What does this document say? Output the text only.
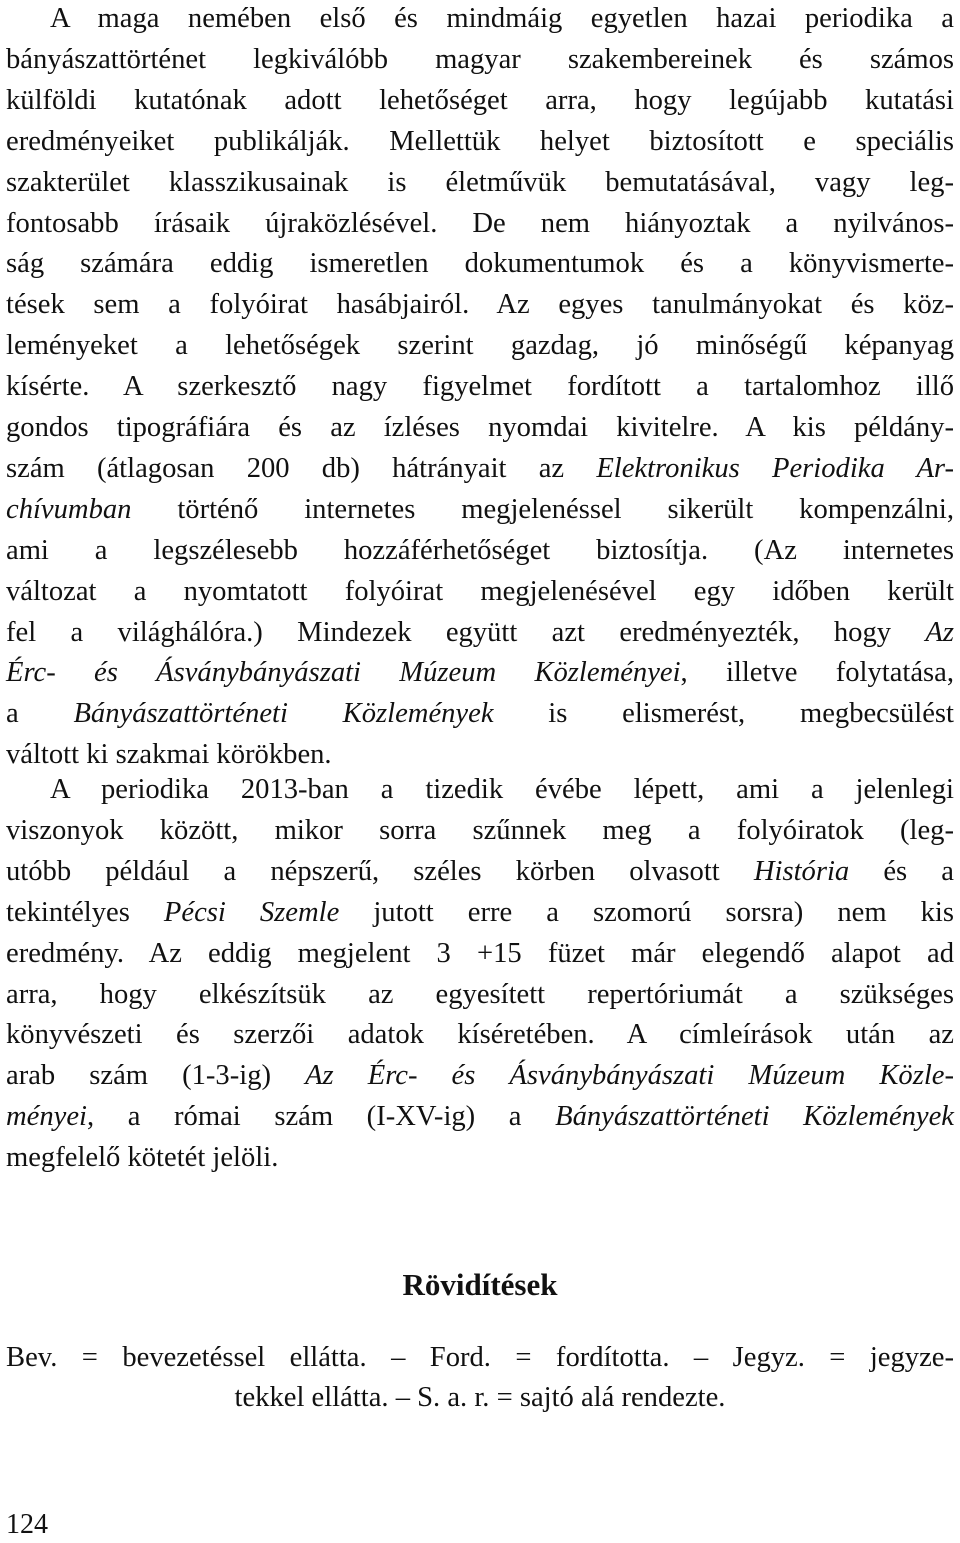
A maga nemében első és mindmáig egyetlen hazai periodika a
bányászattörténet legkiválóbb magyar szakembereinek és számos
külföldi kutatónak adott lehetőséget arra, hogy legújabb kutatási
eredményeiket publikálják. Mellettük helyet biztosított e speciális
szakterület klasszikusainak is életművük bemutatásával, vagy leg-
fontosabb írásaik újraközlésével. De nem hiányoztak a nyilvános-
ság számára eddig ismeretlen dokumentumok és a könyvismerte-
tések sem a folyóirat hasábjairól. Az egyes tanulmányokat és köz-
leményeket a lehetőségek szerint gazdag, jó minőségű képanyag
kísérte. A szerkesztő nagy figyelmet fordított a tartalomhoz illő
gondos tipográfiára és az ízléses nyomdai kivitelre. A kis példány-
szám (átlagosan 200 db) hátrányait az Elektronikus Periodika Ar-
chívumban történő internetes megjelenéssel sikerült kompenzálni,
ami a legszélesebb hozzáférhetőséget biztosítja. (Az internetes
változat a nyomtatott folyóirat megjelenésével egy időben került
fel a világhálóra.) Mindezek együtt azt eredményezték, hogy Az
Érc- és Ásványbányászati Múzeum Közleményei, illetve folytatása,
a Bányászattörténeti Közlemények is elismerést, megbecsülést
váltott ki szakmai körökben.
A periodika 2013-ban a tizedik évébe lépett, ami a jelenlegi
viszonyok között, mikor sorra szűnnek meg a folyóiratok (leg-
utóbb például a népszerű, széles körben olvasott História és a
tekintélyes Pécsi Szemle jutott erre a szomorú sorsra) nem kis
eredmény. Az eddig megjelent 3 +15 füzet már elegendő alapot ad
arra, hogy elkészítsük az egyesített repertóriumát a szükséges
könyvészeti és szerzői adatok kíséretében. A címleírások után az
arab szám (1-3-ig) Az Érc- és Ásványbányászati Múzeum Közle-
ményei, a római szám (I-XV-ig) a Bányászattörténeti Közlemények
megfelelő kötetét jelöli.
Rövidítések
Bev. = bevezetéssel ellátta. – Ford. = fordította. – Jegyz. = jegyze-
tekkel ellátta. – S. a. r. = sajtó alá rendezte.
124
